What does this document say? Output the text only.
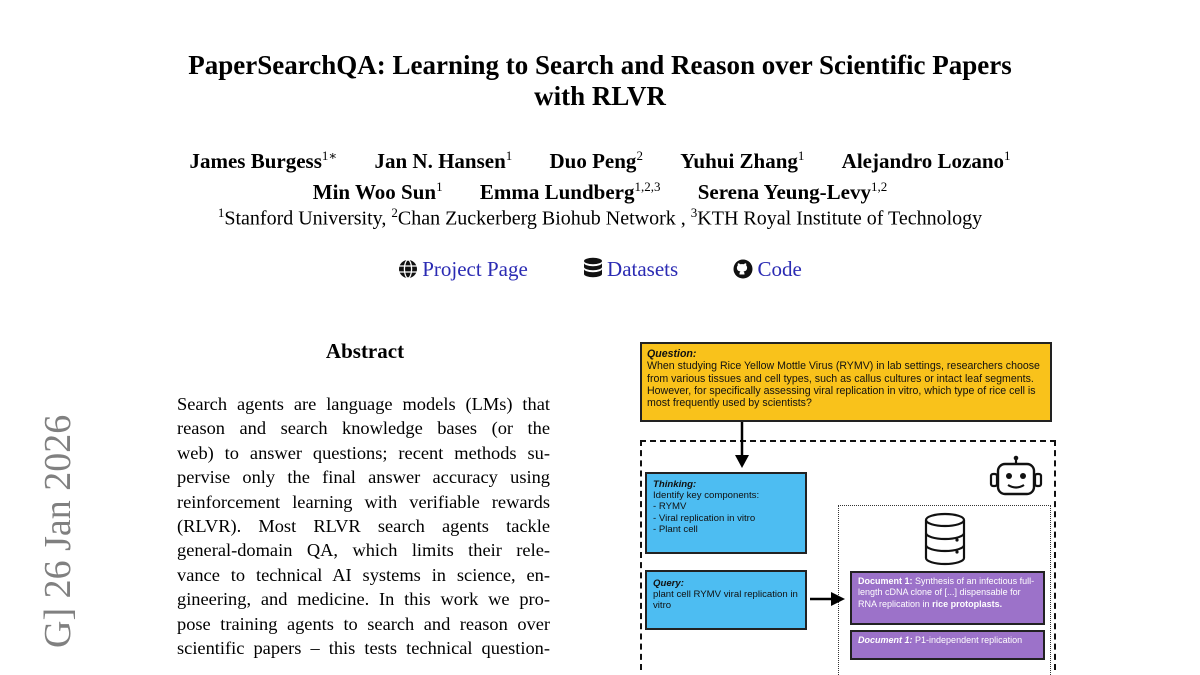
PaperSearchQA: Learning to Search and Reason over Scientific Papers
with RLVR
James Burgess$^{1∗}$ Jan N. Hansen$^1$ Duo Peng$^2$ Yuhui Zhang$^1$ Alejandro Lozano$^1$
Min Woo Sun$^1$ Emma Lundberg$^{1,2,3}$ Serena Yeung-Levy$^{1,2}$
$^1$Stanford University, $^2$Chan Zuckerberg Biohub Network , $^3$KTH Royal Institute of Technology
Project Page	Datasets	Code
G] 26 Jan 2026
Abstract
Search agents are language models (LMs) that
reason and search knowledge bases (or the
web) to answer questions; recent methods su-
pervise only the final answer accuracy using
reinforcement learning with verifiable rewards
(RLVR). Most RLVR search agents tackle
general-domain QA, which limits their rele-
vance to technical AI systems in science, en-
gineering, and medicine. In this work we pro-
pose training agents to search and reason over
scientific papers – this tests technical question-
Question:
When studying Rice Yellow Mottle Virus (RYMV) in lab settings, researchers choose from various tissues and cell types, such as callus cultures or intact leaf segments. However, for specifically assessing viral replication in vitro, which type of rice cell is most frequently used by scientists?
Thinking:
Identify key components:
- RYMV
- Viral replication in vitro
- Plant cell
Query:
plant cell RYMV viral replication in vitro
Document 1: Synthesis of an infectious full-length cDNA clone of [...] dispensable for RNA replication in rice protoplasts.
Document 1: P1-independent replication
